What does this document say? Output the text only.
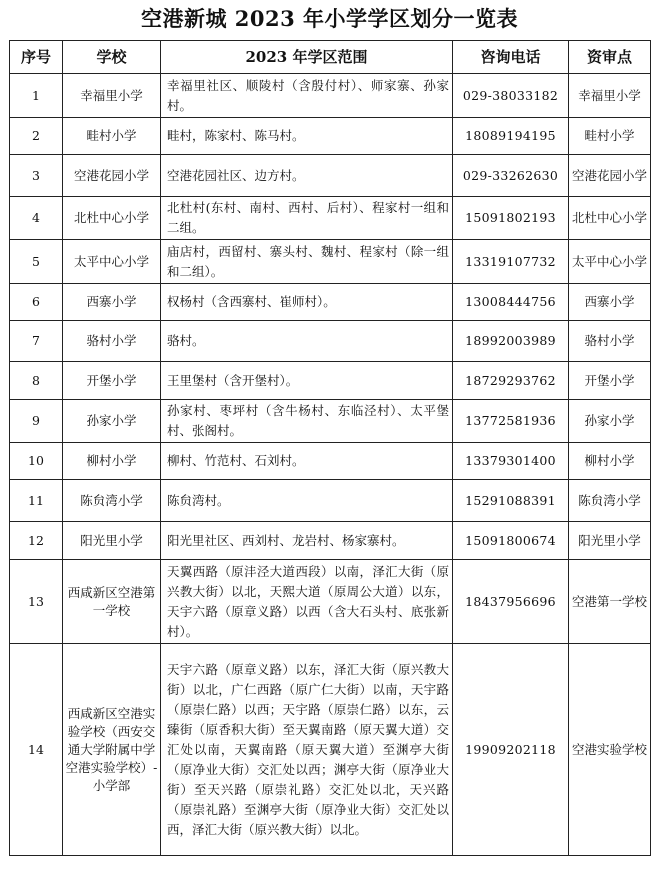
空港新城 2023 年小学学区划分一览表
序号	学校	2023 年学区范围	咨询电话	资审点
1	幸福里小学	幸福里社区、顺陵村（含殷付村）、师家寨、孙家村。	029-38033182	幸福里小学
2	畦村小学	畦村，陈家村、陈马村。	18089194195	畦村小学
3	空港花园小学	空港花园社区、边方村。	029-33262630	空港花园小学
4	北杜中心小学	北杜村(东村、南村、西村、后村）、程家村一组和二组。	15091802193	北杜中心小学
5	太平中心小学	庙店村，西留村、寨头村、魏村、程家村（除一组和二组）。	13319107732	太平中心小学
6	西寨小学	权杨村（含西寨村、崔师村）。	13008444756	西寨小学
7	骆村小学	骆村。	18992003989	骆村小学
8	开堡小学	王里堡村（含开堡村）。	18729293762	开堡小学
9	孙家小学	孙家村、枣坪村（含牛杨村、东临泾村）、太平堡村、张阁村。	13772581936	孙家小学
10	柳村小学	柳村、竹范村、石刘村。	13379301400	柳村小学
11	陈贠湾小学	陈贠湾村。	15291088391	陈贠湾小学
12	阳光里小学	阳光里社区、西刘村、龙岩村、杨家寨村。	15091800674	阳光里小学
13	西咸新区空港第一学校	天翼西路（原沣泾大道西段）以南，泽汇大街（原兴教大街）以北，天熙大道（原周公大道）以东，天宇六路（原章义路）以西（含大石头村、底张新村）。	18437956696	空港第一学校
14	西咸新区空港实验学校（西安交通大学附属中学空港实验学校）-小学部	天宇六路（原章义路）以东，泽汇大街（原兴教大街）以北，广仁西路（原广仁大街）以南，天宇路（原崇仁路）以西；天宇路（原崇仁路）以东，云臻街（原香积大街）至天翼南路（原天翼大道）交汇处以南，天翼南路（原天翼大道）至渊亭大街（原净业大街）交汇处以西；渊亭大街（原净业大街）至天兴路（原崇礼路）交汇处以北，天兴路（原崇礼路）至渊亭大街（原净业大街）交汇处以西，泽汇大街（原兴教大街）以北。	19909202118	空港实验学校
